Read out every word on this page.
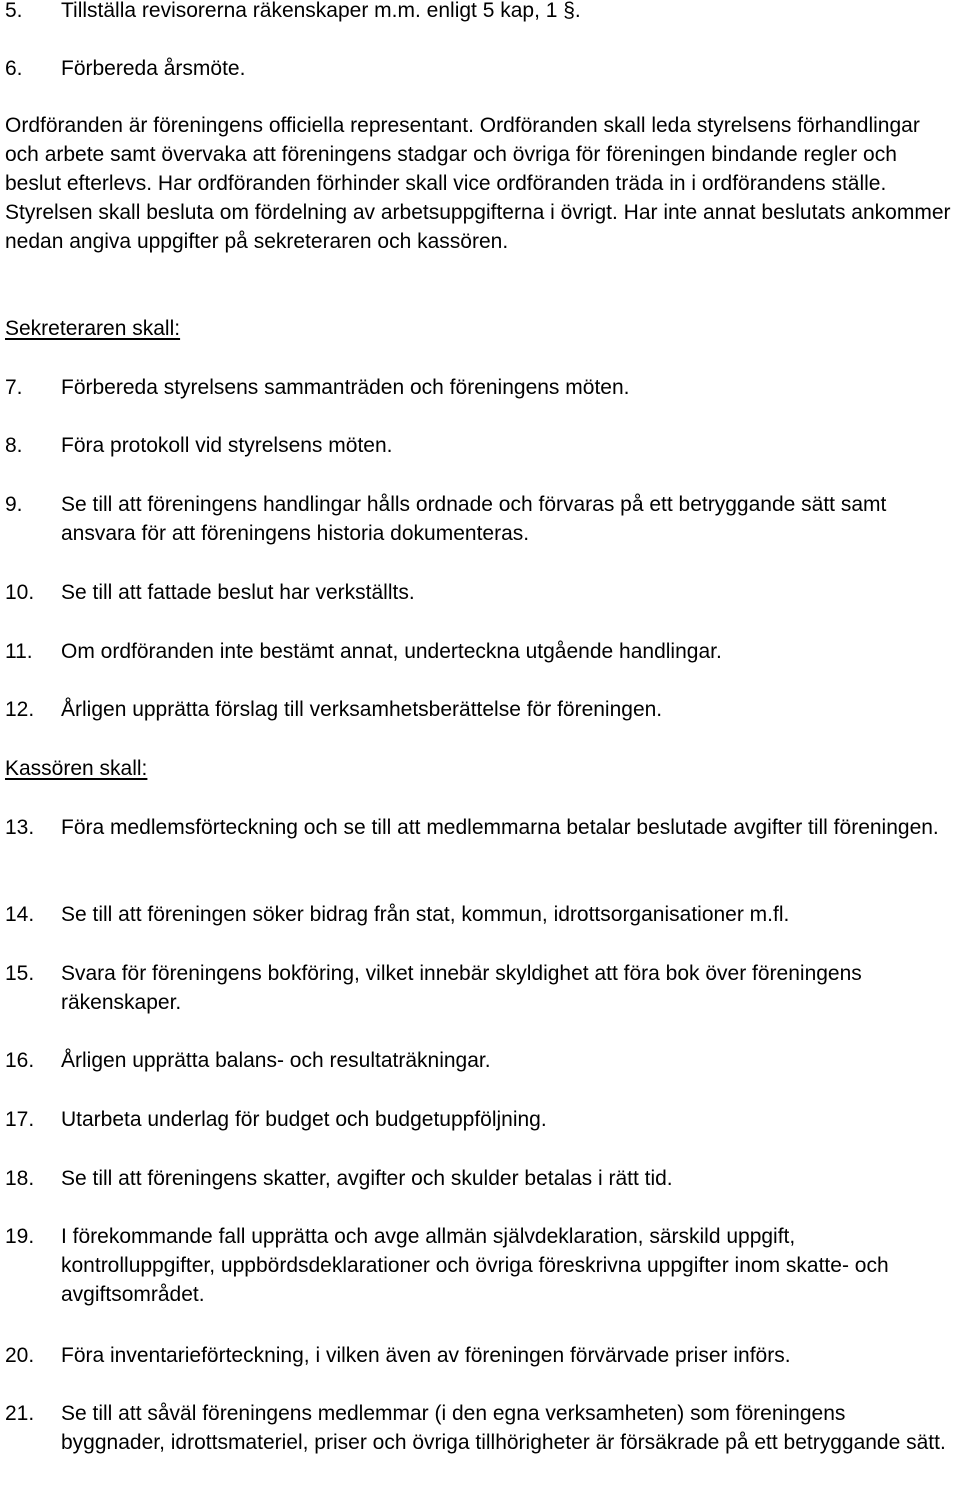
5.	Tillställa revisorerna räkenskaper m.m. enligt 5 kap, 1 §.
6.	Förbereda årsmöte.
Ordföranden är föreningens officiella representant. Ordföranden skall leda styrelsens förhandlingar och arbete samt övervaka att föreningens stadgar och övriga för föreningen bindande regler och beslut efterlevs. Har ordföranden förhinder skall vice ordföranden träda in i ordförandens ställe. Styrelsen skall besluta om fördelning av arbetsuppgifterna i övrigt. Har inte annat beslutats ankommer nedan angiva uppgifter på sekreteraren och kassören.
Sekreteraren skall:
7.	Förbereda styrelsens sammanträden och föreningens möten.
8.	Föra protokoll vid styrelsens möten.
9.	Se till att föreningens handlingar hålls ordnade och förvaras på ett betryggande sätt samt ansvara för att föreningens historia dokumenteras.
10.	Se till att fattade beslut har verkställts.
11.	Om ordföranden inte bestämt annat, underteckna utgående handlingar.
12.	Årligen upprätta förslag till verksamhetsberättelse för föreningen.
Kassören skall:
13.	Föra medlemsförteckning och se till att medlemmarna betalar beslutade avgifter till föreningen.
14.	Se till att föreningen söker bidrag från stat, kommun, idrottsorganisationer m.fl.
15.	Svara för föreningens bokföring, vilket innebär skyldighet att föra bok över föreningens räkenskaper.
16.	Årligen upprätta balans- och resultaträkningar.
17.	Utarbeta underlag för budget och budgetuppföljning.
18.	Se till att föreningens skatter, avgifter och skulder betalas i rätt tid.
19.	I förekommande fall upprätta och avge allmän självdeklaration, särskild uppgift, kontrolluppgifter, uppbördsdeklarationer och övriga föreskrivna uppgifter inom skatte- och avgiftsområdet.
20.	Föra inventarieförteckning, i vilken även av föreningen förvärvade priser införs.
21.	Se till att såväl föreningens medlemmar (i den egna verksamheten) som föreningens byggnader, idrottsmateriel, priser och övriga tillhörigheter är försäkrade på ett betryggande sätt.
